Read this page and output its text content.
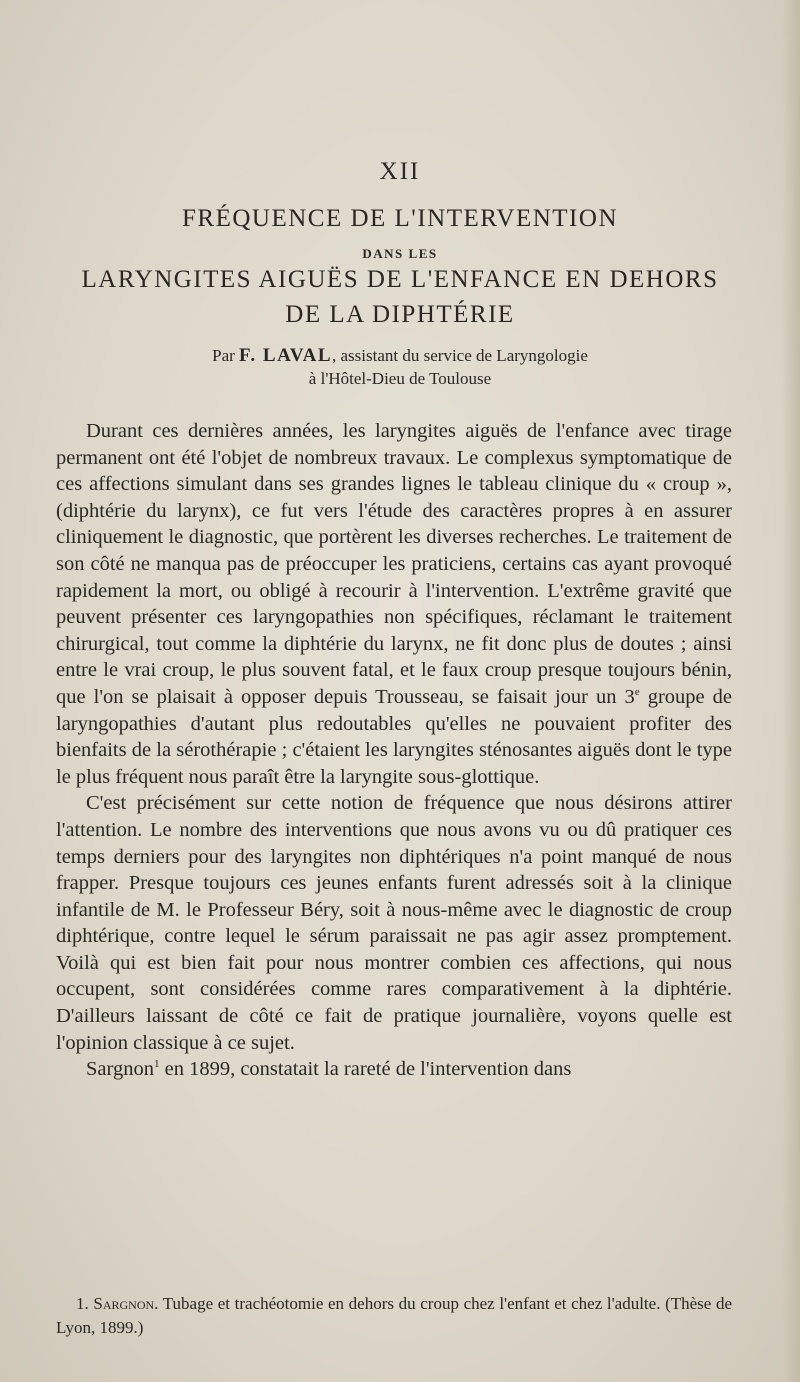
XII
FRÉQUENCE DE L'INTERVENTION
DANS LES
LARYNGITES AIGUËS DE L'ENFANCE EN DEHORS
DE LA DIPHTÉRIE
Par F. LAVAL, assistant du service de Laryngologie
à l'Hôtel-Dieu de Toulouse

Durant ces dernières années, les laryngites aiguës de l'enfance avec tirage permanent ont été l'objet de nombreux travaux. Le complexus symptomatique de ces affections simulant dans ses grandes lignes le tableau clinique du « croup », (diphtérie du larynx), ce fut vers l'étude des caractères propres à en assurer cliniquement le diagnostic, que portèrent les diverses recherches. Le traitement de son côté ne manqua pas de préoccuper les praticiens, certains cas ayant provoqué rapidement la mort, ou obligé à recourir à l'intervention. L'extrême gravité que peuvent présenter ces laryngopathies non spécifiques, réclamant le traitement chirurgical, tout comme la diphtérie du larynx, ne fit donc plus de doutes ; ainsi entre le vrai croup, le plus souvent fatal, et le faux croup presque toujours bénin, que l'on se plaisait à opposer depuis Trousseau, se faisait jour un 3e groupe de laryngopathies d'autant plus redoutables qu'elles ne pouvaient profiter des bienfaits de la sérothérapie ; c'étaient les laryngites sténosantes aiguës dont le type le plus fréquent nous paraît être la laryngite sous-glottique.

C'est précisément sur cette notion de fréquence que nous désirons attirer l'attention. Le nombre des interventions que nous avons vu ou dû pratiquer ces temps derniers pour des laryngites non diphtériques n'a point manqué de nous frapper. Presque toujours ces jeunes enfants furent adressés soit à la clinique infantile de M. le Professeur Béry, soit à nous-même avec le diagnostic de croup diphtérique, contre lequel le sérum paraissait ne pas agir assez promptement. Voilà qui est bien fait pour nous montrer combien ces affections, qui nous occupent, sont considérées comme rares comparativement à la diphtérie. D'ailleurs laissant de côté ce fait de pratique journalière, voyons quelle est l'opinion classique à ce sujet.

Sargnon$^1$ en 1899, constatait la rareté de l'intervention dans

1. Sargnon. Tubage et trachéotomie en dehors du croup chez l'enfant et chez l'adulte. (Thèse de Lyon, 1899.)
